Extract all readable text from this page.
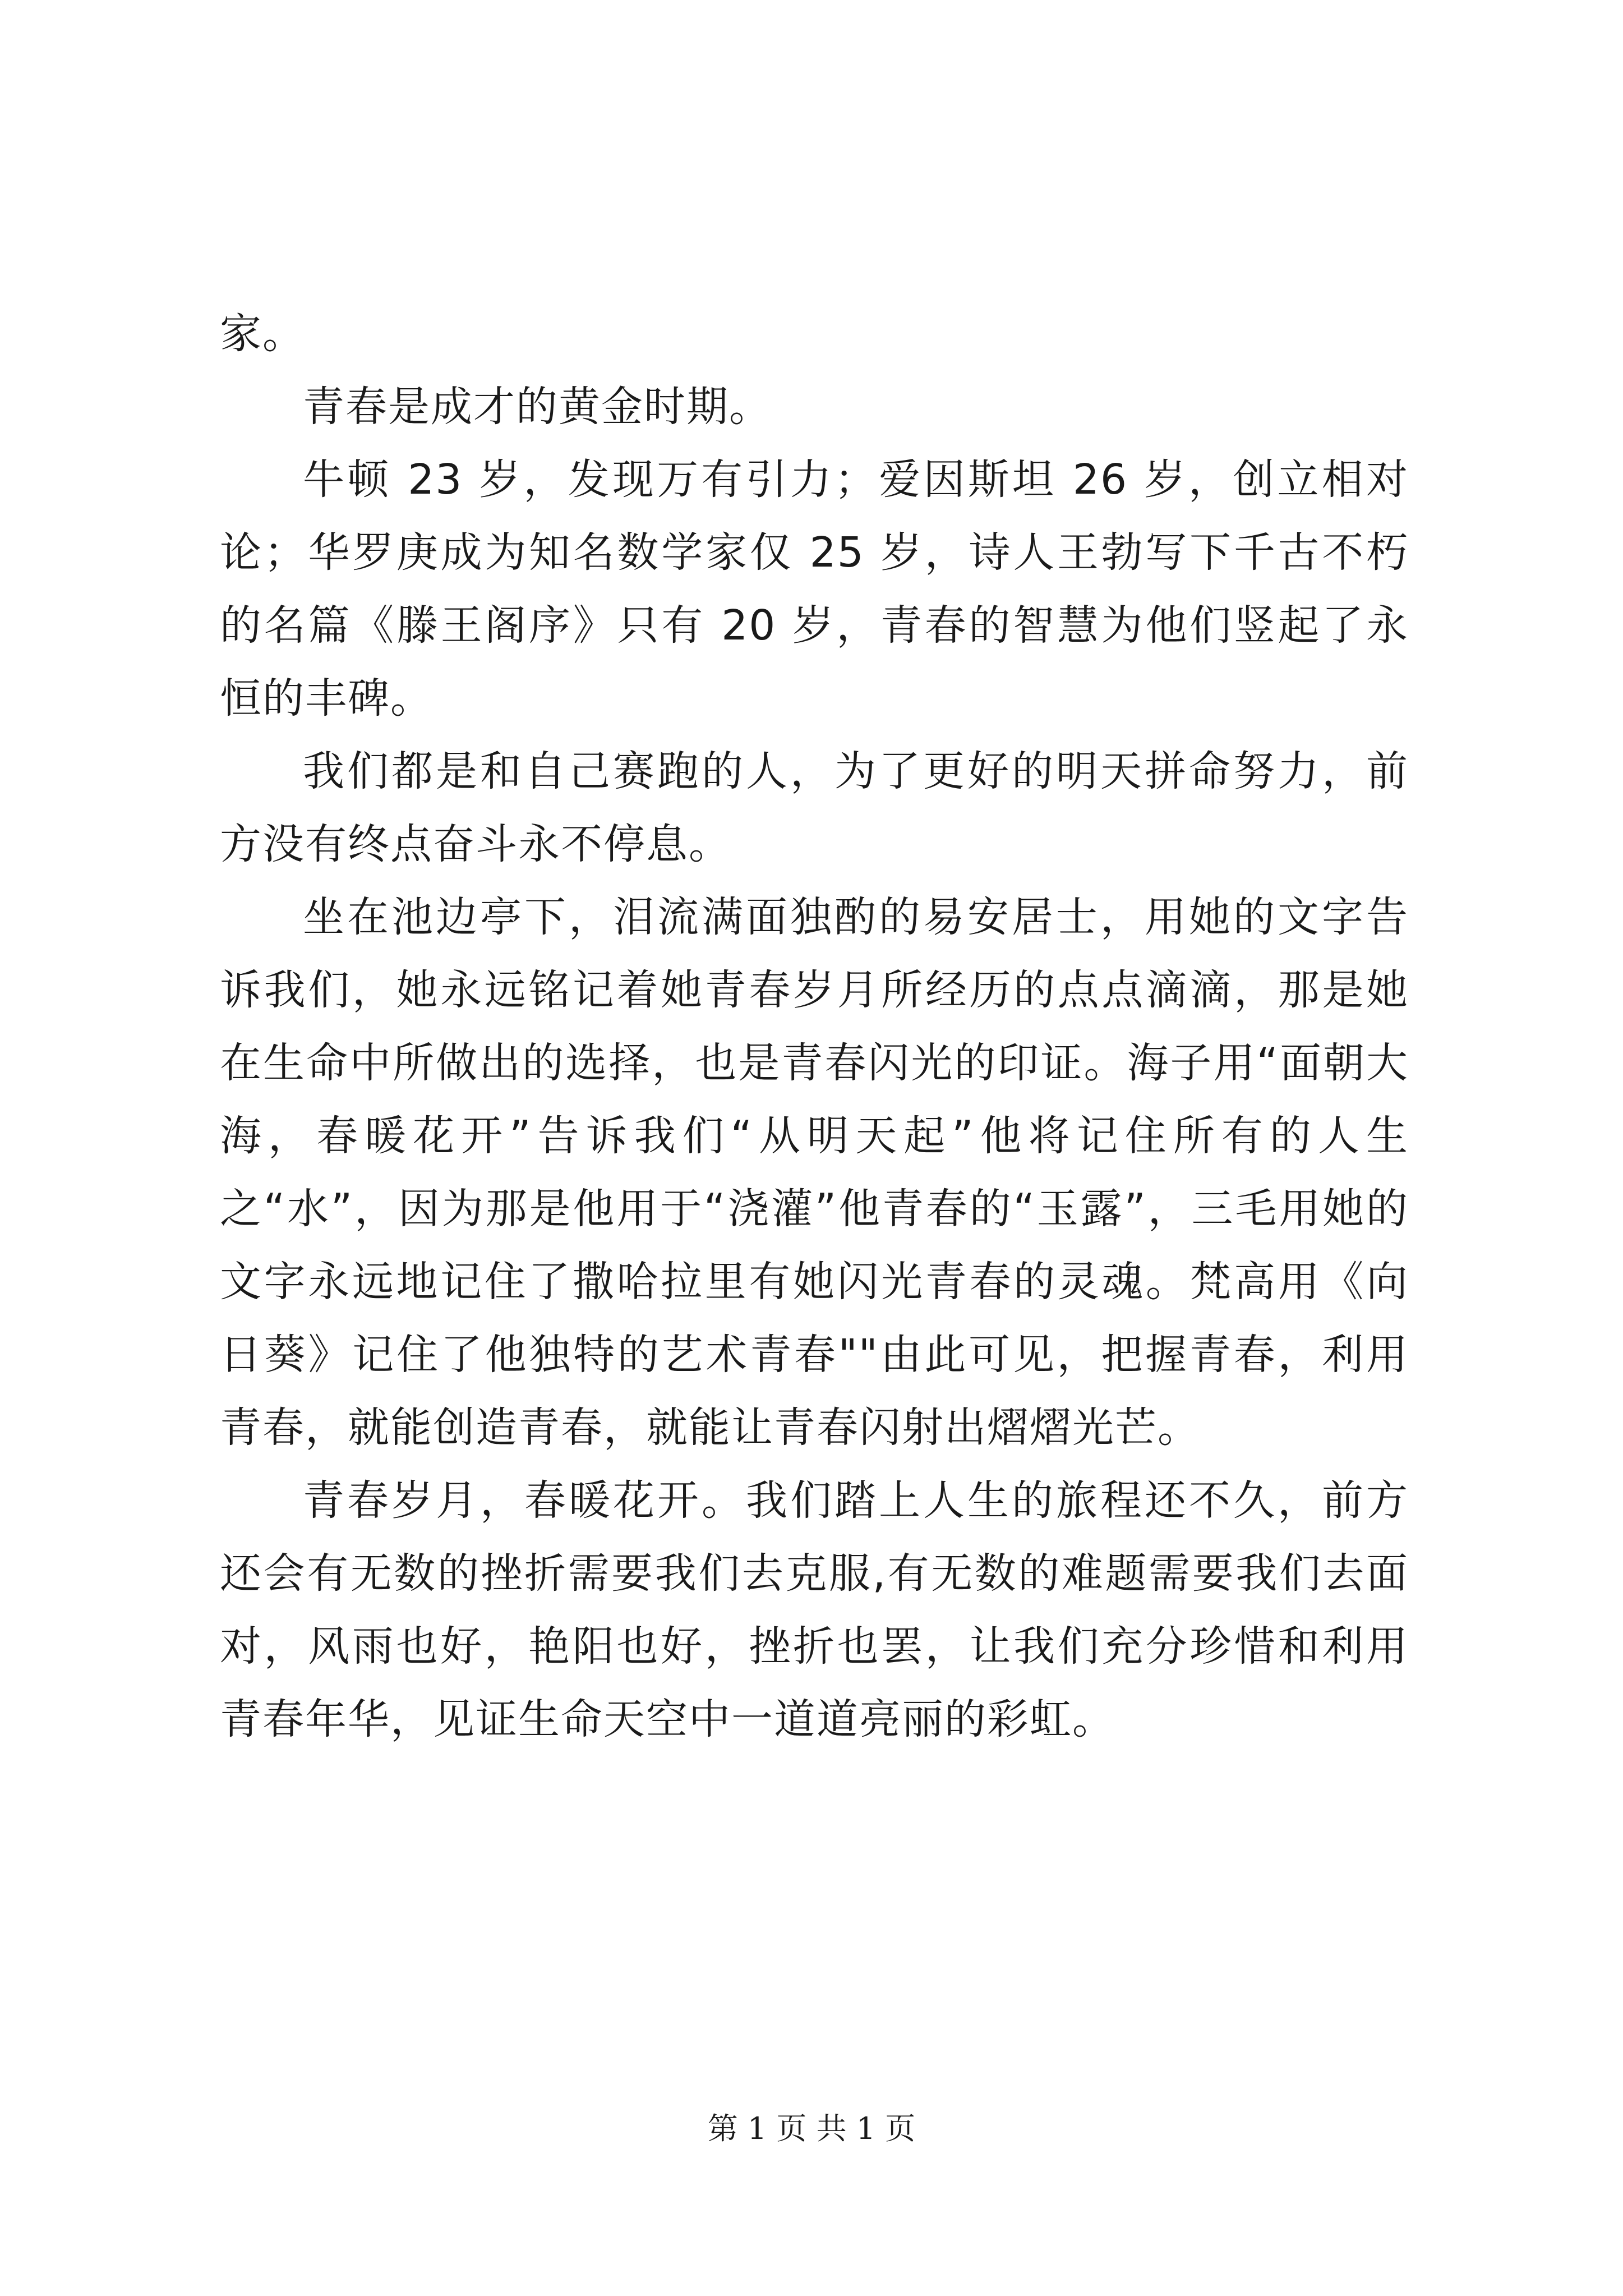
家。

青春是成才的黄金时期。

牛顿 23 岁，发现万有引力；爱因斯坦 26 岁，创立相对论；华罗庚成为知名数学家仅 25 岁，诗人王勃写下千古不朽的名篇《滕王阁序》只有 20 岁，青春的智慧为他们竖起了永恒的丰碑。

我们都是和自己赛跑的人，为了更好的明天拼命努力，前方没有终点奋斗永不停息。

坐在池边亭下，泪流满面独酌的易安居士，用她的文字告诉我们，她永远铭记着她青春岁月所经历的点点滴滴，那是她在生命中所做出的选择，也是青春闪光的印证。海子用“面朝大海，春暖花开”告诉我们“从明天起”他将记住所有的人生之“水”，因为那是他用于“浇灌”他青春的“玉露”，三毛用她的文字永远地记住了撒哈拉里有她闪光青春的灵魂。梵高用《向日葵》记住了他独特的艺术青春""由此可见，把握青春，利用青春，就能创造青春，就能让青春闪射出熠熠光芒。

青春岁月，春暖花开。我们踏上人生的旅程还不久，前方还会有无数的挫折需要我们去克服,有无数的难题需要我们去面对，风雨也好，艳阳也好，挫折也罢，让我们充分珍惜和利用青春年华，见证生命天空中一道道亮丽的彩虹。

第 1 页 共 1 页
